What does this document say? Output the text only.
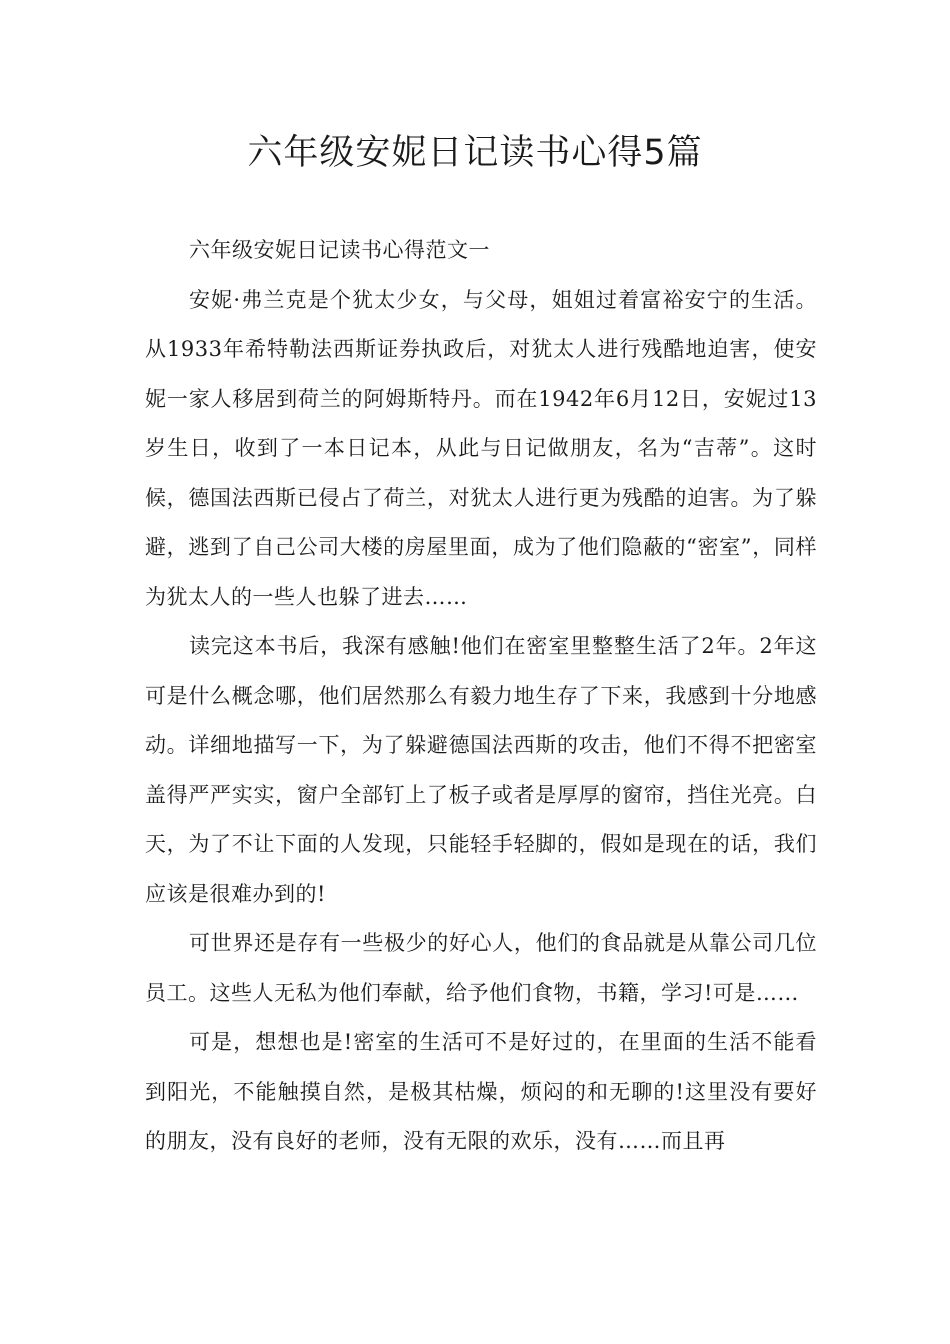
六年级安妮日记读书心得5篇

六年级安妮日记读书心得范文一

安妮·弗兰克是个犹太少女，与父母，姐姐过着富裕安宁的生活。从1933年希特勒法西斯证券执政后，对犹太人进行残酷地迫害，使安妮一家人移居到荷兰的阿姆斯特丹。而在1942年6月12日，安妮过13岁生日，收到了一本日记本，从此与日记做朋友，名为“吉蒂”。这时候，德国法西斯已侵占了荷兰，对犹太人进行更为残酷的迫害。为了躲避，逃到了自己公司大楼的房屋里面，成为了他们隐蔽的“密室”，同样为犹太人的一些人也躲了进去……

读完这本书后，我深有感触!他们在密室里整整生活了2年。2年这可是什么概念哪，他们居然那么有毅力地生存了下来，我感到十分地感动。详细地描写一下，为了躲避德国法西斯的攻击，他们不得不把密室盖得严严实实，窗户全部钉上了板子或者是厚厚的窗帘，挡住光亮。白天，为了不让下面的人发现，只能轻手轻脚的，假如是现在的话，我们应该是很难办到的!

可世界还是存有一些极少的好心人，他们的食品就是从靠公司几位员工。这些人无私为他们奉献，给予他们食物，书籍，学习!可是……

可是，想想也是!密室的生活可不是好过的，在里面的生活不能看到阳光，不能触摸自然，是极其枯燥，烦闷的和无聊的!这里没有要好的朋友，没有良好的老师，没有无限的欢乐，没有……而且再
